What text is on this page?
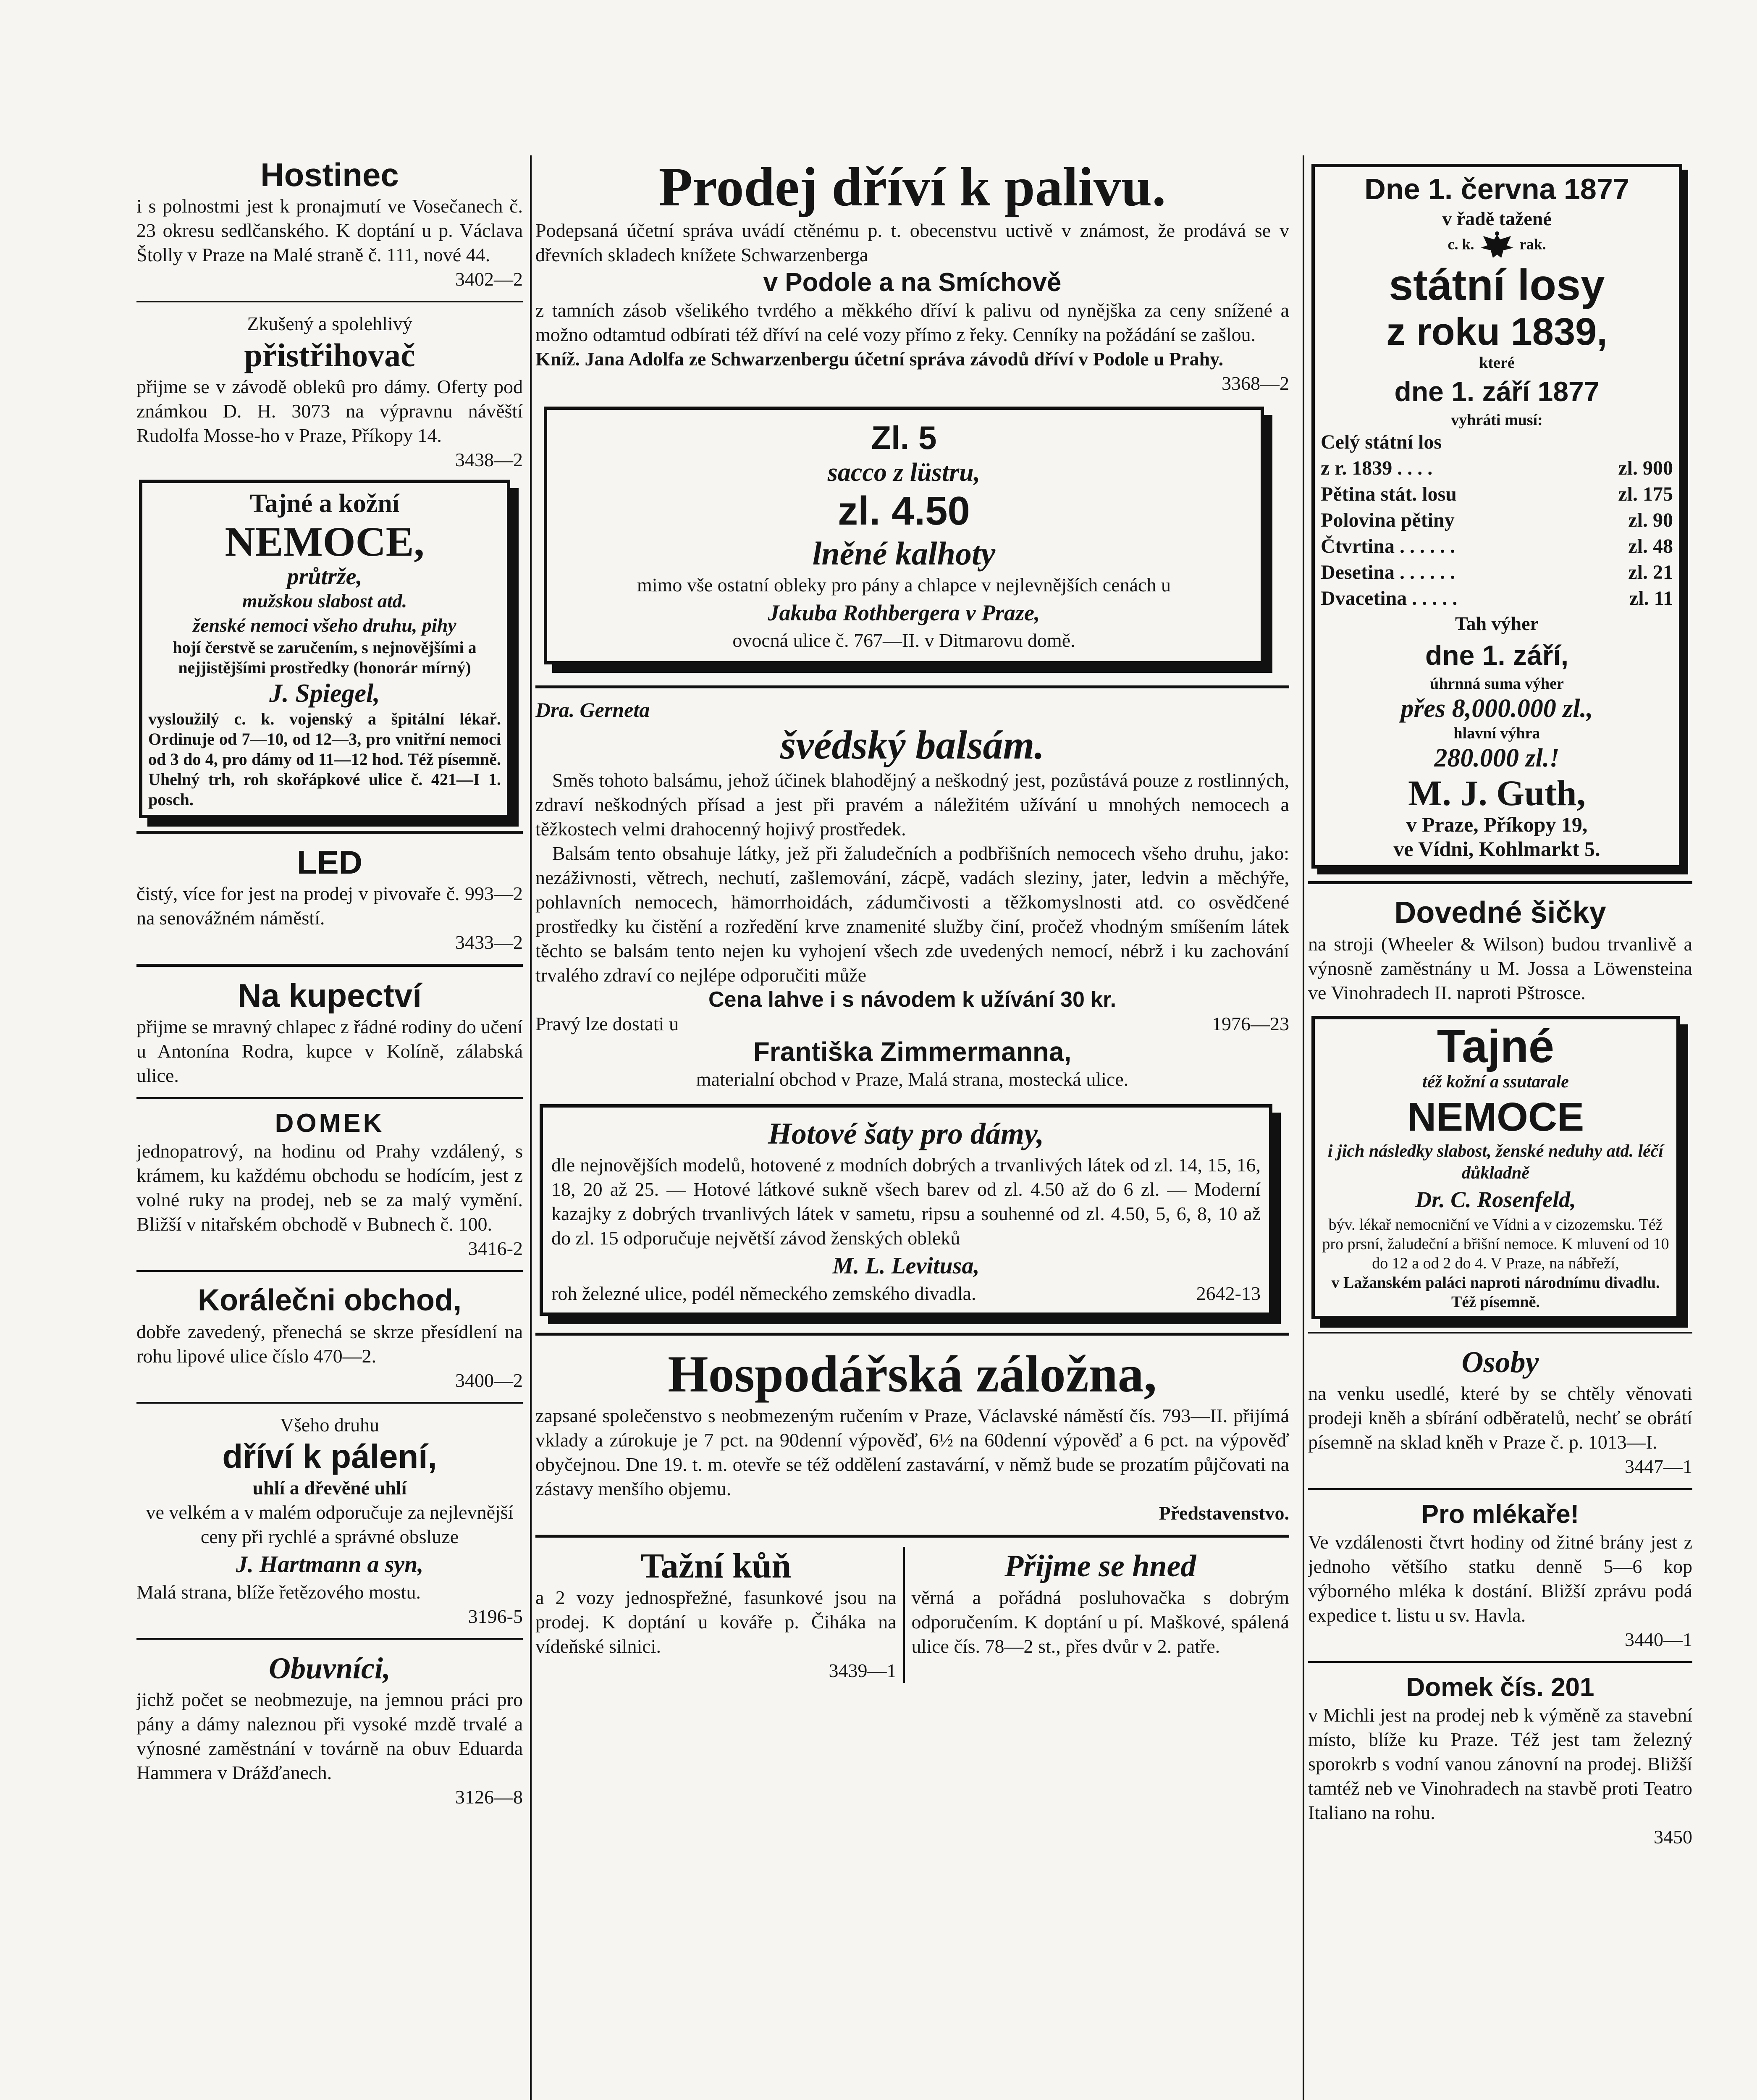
Hostinec

i s polnostmi jest k pronajmutí ve Vosečanech č. 23 okresu sedlčanského. K doptání u p. Václava Štolly v Praze na Malé straně č. 111, nové 44.

3402—2

Zkušený a spolehlivý

přistřihovač

přijme se v závodě oblekû pro dámy. Oferty pod známkou D. H. 3073 na výpravnu návěští Rudolfa Mosse-ho v Praze, Příkopy 14.

3438—2

Tajné a kožní

NEMOCE,

průtrže,

mužskou slabost atd.

ženské nemoci všeho druhu, pihy

hojí čerstvě se zaručením, s nejnovějšími a nejjistějšími prostředky (honorár mírný)

J. Spiegel,

vysloužilý c. k. vojenský a špitální lékař. Ordinuje od 7—10, od 12—3, pro vnitřní nemoci od 3 do 4, pro dámy od 11—12 hod. Též písemně. Uhelný trh, roh skořápkové ulice č. 421—I 1. posch.

LED

čistý, více for jest na prodej v pivovaře č. 993—2 na senovážném náměstí.

3433—2

Na kupectví

přijme se mravný chlapec z řádné rodiny do učení u Antonína Rodra, kupce v Kolíně, zálabská ulice.

DOMEK

jednopatrový, na hodinu od Prahy vzdálený, s krámem, ku každému obchodu se hodícím, jest z volné ruky na prodej, neb se za malý vymění. Bližší v nitařském obchodě v Bubnech č. 100.

3416-2

Korálečni obchod,

dobře zavedený, přenechá se skrze přesídlení na rohu lipové ulice číslo 470—2.

3400—2

Všeho druhu

dříví k pálení,

uhlí a dřevěné uhlí

ve velkém a v malém odporučuje za nejlevnější ceny při rychlé a správné obsluze

J. Hartmann a syn,

Malá strana, blíže řetězového mostu.

3196-5

Obuvníci,

jichž počet se neobmezuje, na jemnou práci pro pány a dámy naleznou při vysoké mzdě trvalé a výnosné zaměstnání v továrně na obuv Eduarda Hammera v Drážďanech.

3126—8

Prodej dříví k palivu.

Podepsaná účetní správa uvádí ctěnému p. t. obecenstvu uctivě v známost, že prodává se v dřevních skladech knížete Schwarzenberga

v Podole a na Smíchově

z tamních zásob všelikého tvrdého a měkkého dříví k palivu od nynějška za ceny snížené a možno odtamtud odbírati též dříví na celé vozy přímo z řeky. Cenníky na požádání se zašlou.

Kníž. Jana Adolfa ze Schwarzenbergu účetní správa závodů dříví v Podole u Prahy.

3368—2

Zl. 5

sacco z lüstru,

zl. 4.50

lněné kalhoty

mimo vše ostatní obleky pro pány a chlapce v nejlevnějších cenách u

Jakuba Rothbergera v Praze,

ovocná ulice č. 767—II. v Ditmarovu domě.

Dra. Gerneta

švédský balsám.

Směs tohoto balsámu, jehož účinek blahodějný a neškodný jest, pozůstává pouze z rostlinných, zdraví neškodných přísad a jest při pravém a náležitém užívání u mnohých nemocech a těžkostech velmi drahocenný hojivý prostředek.

Balsám tento obsahuje látky, jež při žaludečních a podbřišních nemocech všeho druhu, jako: nezáživnosti, větrech, nechutí, zašlemování, zácpě, vadách sleziny, jater, ledvin a měchýře, pohlavních nemocech, hämorrhoidách, zádumčivosti a těžkomyslnosti atd. co osvědčené prostředky ku čistění a rozředění krve znamenité služby činí, pročež vhodným smíšením látek těchto se balsám tento nejen ku vyhojení všech zde uvedených nemocí, nébrž i ku zachování trvalého zdraví co nejlépe odporučiti může

Cena lahve i s návodem k užívání 30 kr.

Pravý lze dostati u	1976—23

Františka Zimmermanna,

materialní obchod v Praze, Malá strana, mostecká ulice.

Hotové šaty pro dámy,

dle nejnovějších modelů, hotovené z modních dobrých a trvanlivých látek od zl. 14, 15, 16, 18, 20 až 25. — Hotové látkové sukně všech barev od zl. 4.50 až do 6 zl. — Moderní kazajky z dobrých trvanlivých látek v sametu, ripsu a souhenné od zl. 4.50, 5, 6, 8, 10 až do zl. 15 odporučuje největší závod ženských obleků

M. L. Levitusa,

roh železné ulice, podél německého zemského divadla.	2642-13

Hospodářská záložna,

zapsané společenstvo s neobmezeným ručením v Praze, Václavské náměstí čís. 793—II. přijímá vklady a zúrokuje je 7 pct. na 90denní výpověď, 6½ na 60denní výpověď a 6 pct. na výpověď obyčejnou. Dne 19. t. m. otevře se též oddělení zastavární, v němž bude se prozatím půjčovati na zástavy menšího objemu.

Představenstvo.

Tažní kůň

a 2 vozy jednospřežné, fasunkové jsou na prodej. K doptání u kováře p. Čiháka na vídeňské silnici.

3439—1

Přijme se hned

věrná a pořádná posluhovačka s dobrým odporučením. K doptání u pí. Maškové, spálená ulice čís. 78—2 st., přes dvůr v 2. patře.

Dne 1. června 1877

v řadě tažené

c. k.	rak.

státní losy

z roku 1839,

které

dne 1. září 1877

vyhráti musí:

Celý státní los
z r. 1839 . . . .	zl. 900
Pětina stát. losu	zl. 175
Polovina pětiny	zl. 90
Čtvrtina . . . . . .	zl. 48
Desetina . . . . . .	zl. 21
Dvacetina . . . . .	zl. 11

Tah výher

dne 1. září,

úhrnná suma výher

přes 8,000.000 zl.,

hlavní výhra

280.000 zl.!

M. J. Guth,

v Praze, Příkopy 19,

ve Vídni, Kohlmarkt 5.

Dovedné šičky

na stroji (Wheeler & Wilson) budou trvanlivě a výnosně zaměstnány u M. Jossa a Löwensteina ve Vinohradech II. naproti Pštrosce.

Tajné

též kožní a ssutarale

NEMOCE

i jich následky slabost, ženské neduhy atd. léčí důkladně

Dr. C. Rosenfeld,

býv. lékař nemocniční ve Vídni a v cizozemsku. Též pro prsní, žaludeční a břišní nemoce. K mluvení od 10 do 12 a od 2 do 4. V Praze, na nábřeží,

v Lažanském paláci naproti národnímu divadlu. Též písemně.

Osoby

na venku usedlé, které by se chtěly věnovati prodeji kněh a sbírání odběratelů, nechť se obrátí písemně na sklad kněh v Praze č. p. 1013—I.

3447—1

Pro mlékaře!

Ve vzdálenosti čtvrt hodiny od žitné brány jest z jednoho většího statku denně 5—6 kop výborného mléka k dostání. Bližší zprávu podá expedice t. listu u sv. Havla.

3440—1

Domek čís. 201

v Michli jest na prodej neb k výměně za stavební místo, blíže ku Praze. Též jest tam železný sporokrb s vodní vanou zánovní na prodej. Bližší tamtéž neb ve Vinohradech na stavbě proti Teatro Italiano na rohu.

3450
